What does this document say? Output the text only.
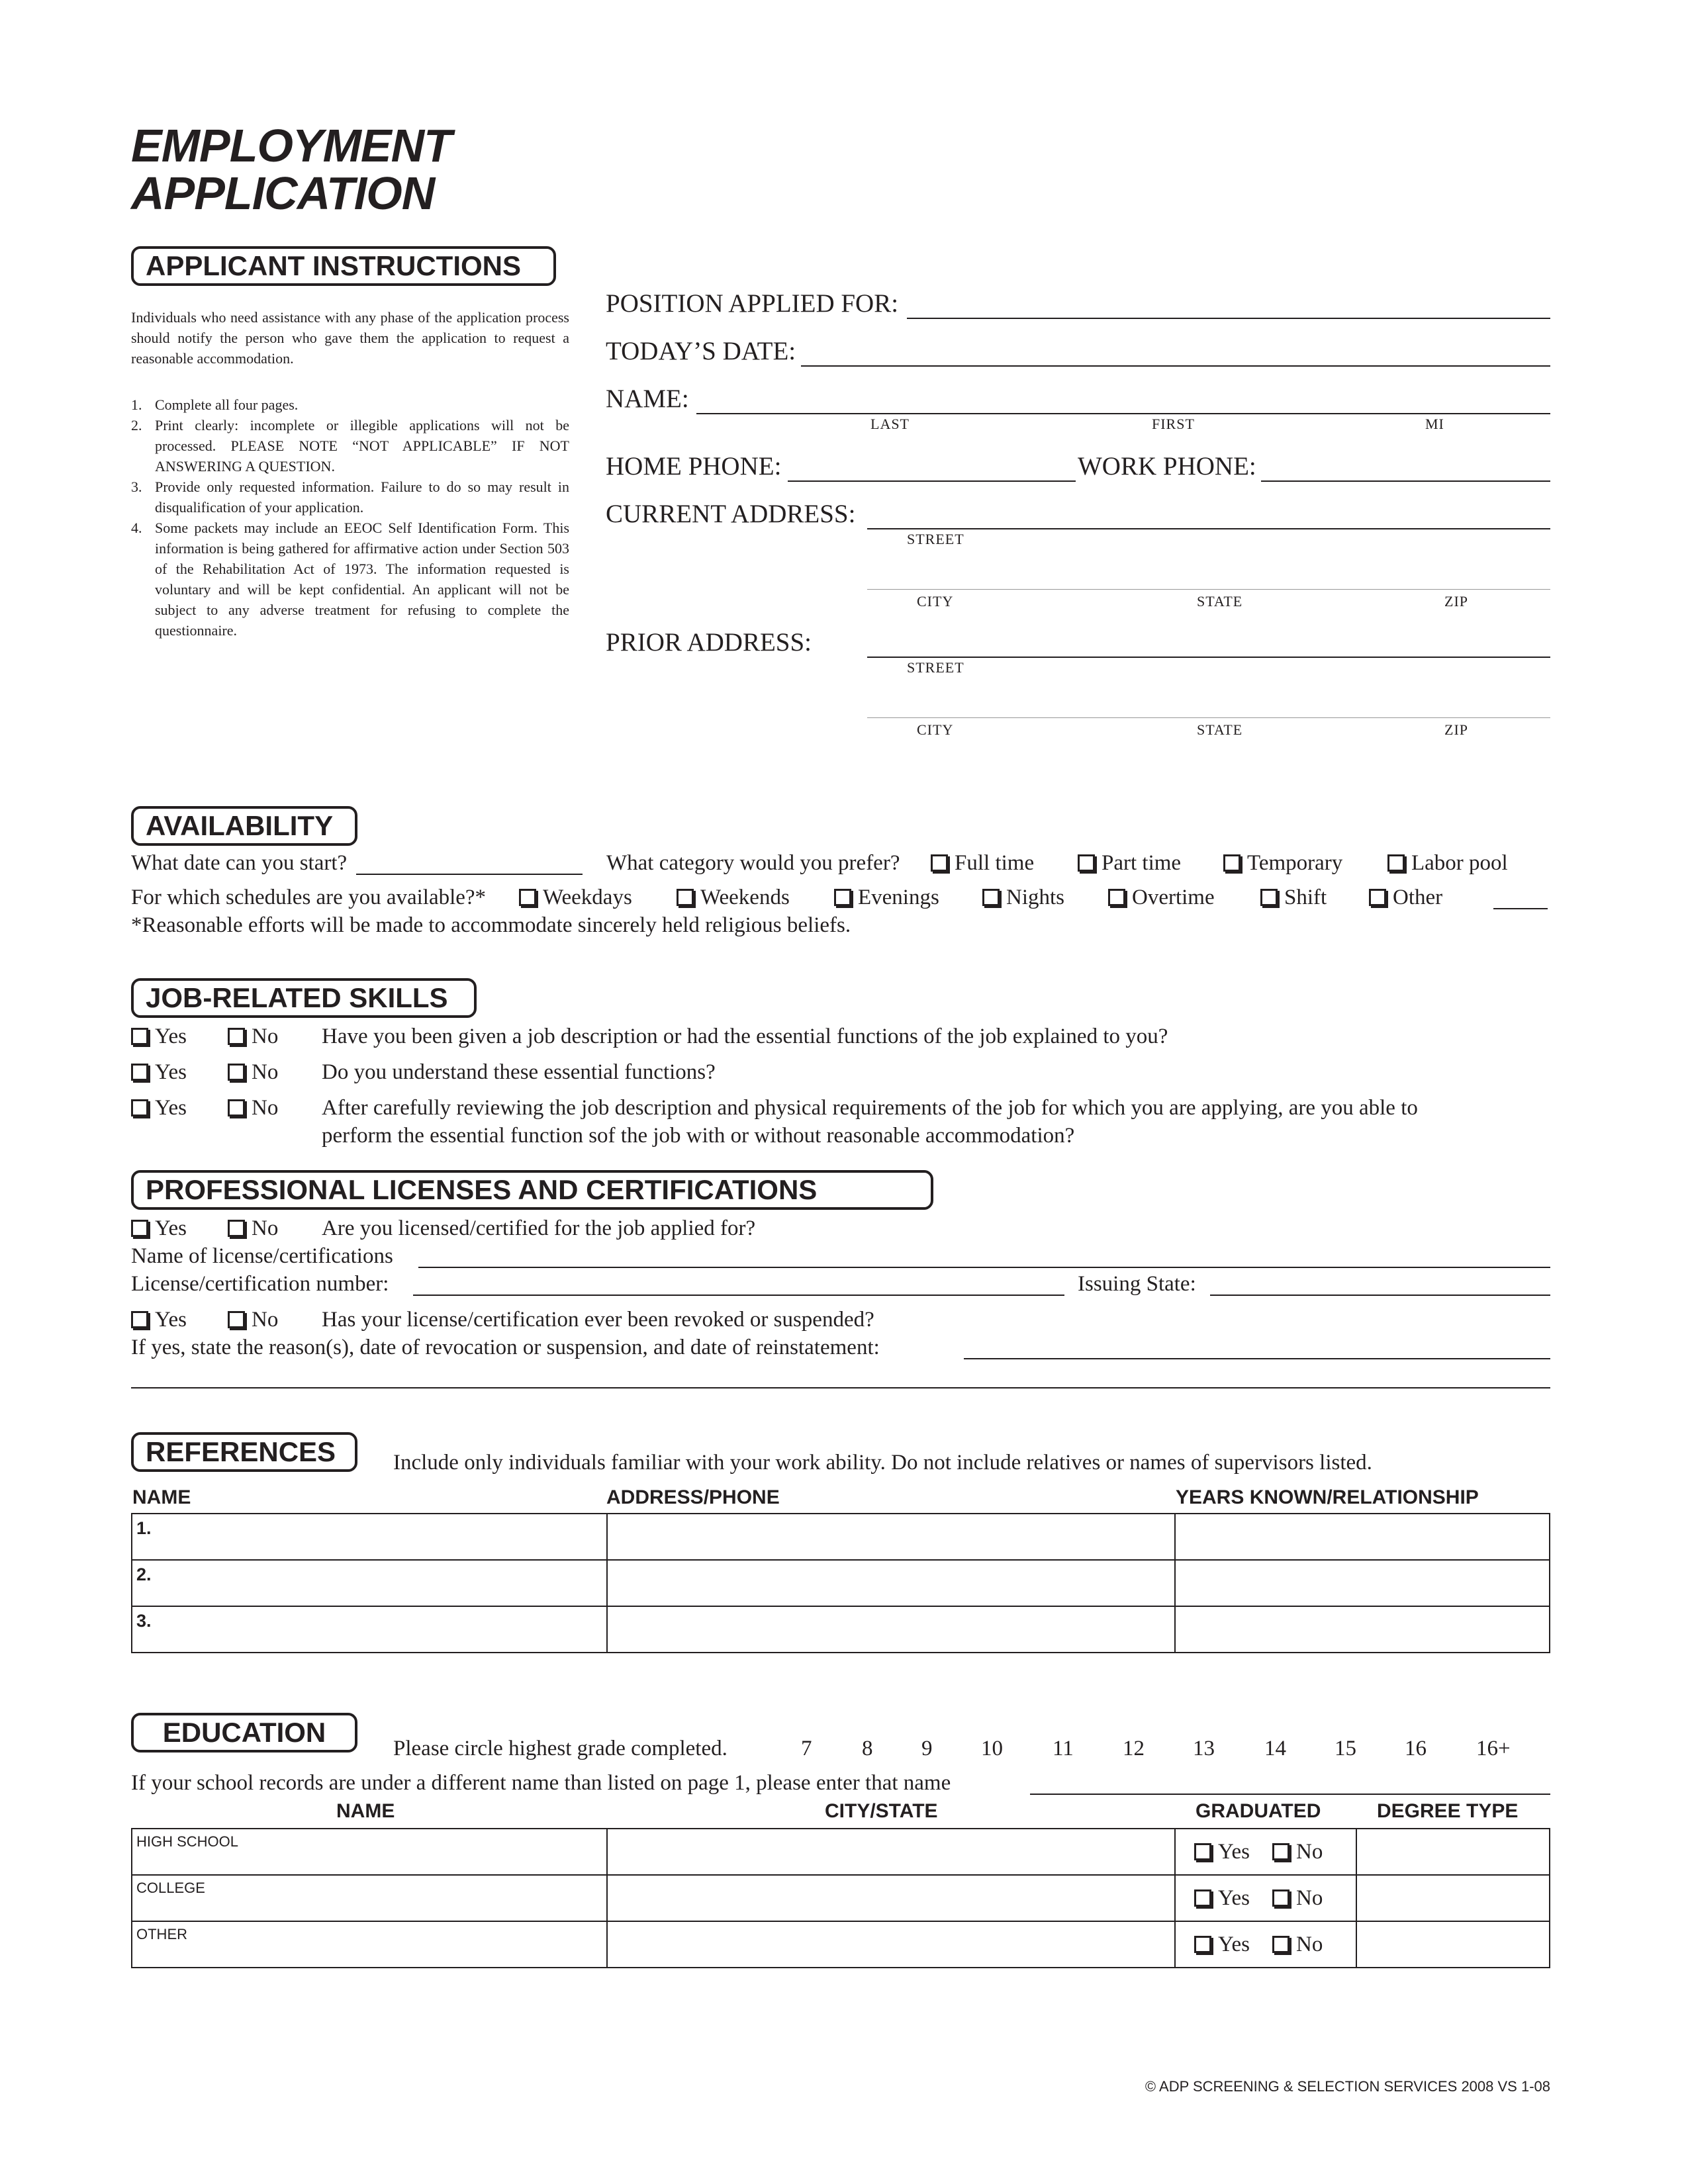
EMPLOYMENT
APPLICATION
APPLICANT INSTRUCTIONS
Individuals who need assistance with any phase of the application process should notify the person who gave them the application to request a reasonable accommodation.
1. Complete all four pages.
2. Print clearly: incomplete or illegible applications will not be processed. PLEASE NOTE “NOT APPLICABLE” IF NOT ANSWERING A QUESTION.
3. Provide only requested information. Failure to do so may result in disqualification of your application.
4. Some packets may include an EEOC Self Identification Form. This information is being gathered for affirmative action under Section 503 of the Rehabilitation Act of 1973. The information requested is voluntary and will be kept confidential. An applicant will not be subject to any adverse treatment for refusing to complete the questionnaire.
POSITION APPLIED FOR:
TODAY’S DATE:
NAME:
LAST	FIRST	MI
HOME PHONE:	WORK PHONE:
CURRENT ADDRESS:
STREET
CITY	STATE	ZIP
PRIOR ADDRESS:
STREET
CITY	STATE	ZIP
AVAILABILITY
What date can you start?	What category would you prefer?	Full time	Part time	Temporary	Labor pool
For which schedules are you available?*	Weekdays	Weekends	Evenings	Nights	Overtime	Shift	Other
*Reasonable efforts will be made to accommodate sincerely held religious beliefs.
JOB-RELATED SKILLS
Yes	No Have you been given a job description or had the essential functions of the job explained to you?
Yes	No Do you understand these essential functions?
Yes	No After carefully reviewing the job description and physical requirements of the job for which you are applying, are you able to
perform the essential function sof the job with or without reasonable accommodation?
PROFESSIONAL LICENSES AND CERTIFICATIONS
Yes	No Are you licensed/certified for the job applied for?
Name of license/certifications
License/certification number:	Issuing State:
Yes	No Has your license/certification ever been revoked or suspended?
If yes, state the reason(s), date of revocation or suspension, and date of reinstatement:
REFERENCES	Include only individuals familiar with your work ability. Do not include relatives or names of supervisors listed.
NAME	ADDRESS/PHONE	YEARS KNOWN/RELATIONSHIP
1.		
2.		
3.		
EDUCATION
Please circle highest grade completed.	7 8 9 10 11 12 13 14 15 16 16+
If your school records are under a different name than listed on page 1, please enter that name
NAME	CITY/STATE	GRADUATED	DEGREE TYPE
HIGH SCHOOL		Yes No	
COLLEGE		Yes No	
OTHER		Yes No	
© ADP SCREENING & SELECTION SERVICES 2008 VS 1-08
